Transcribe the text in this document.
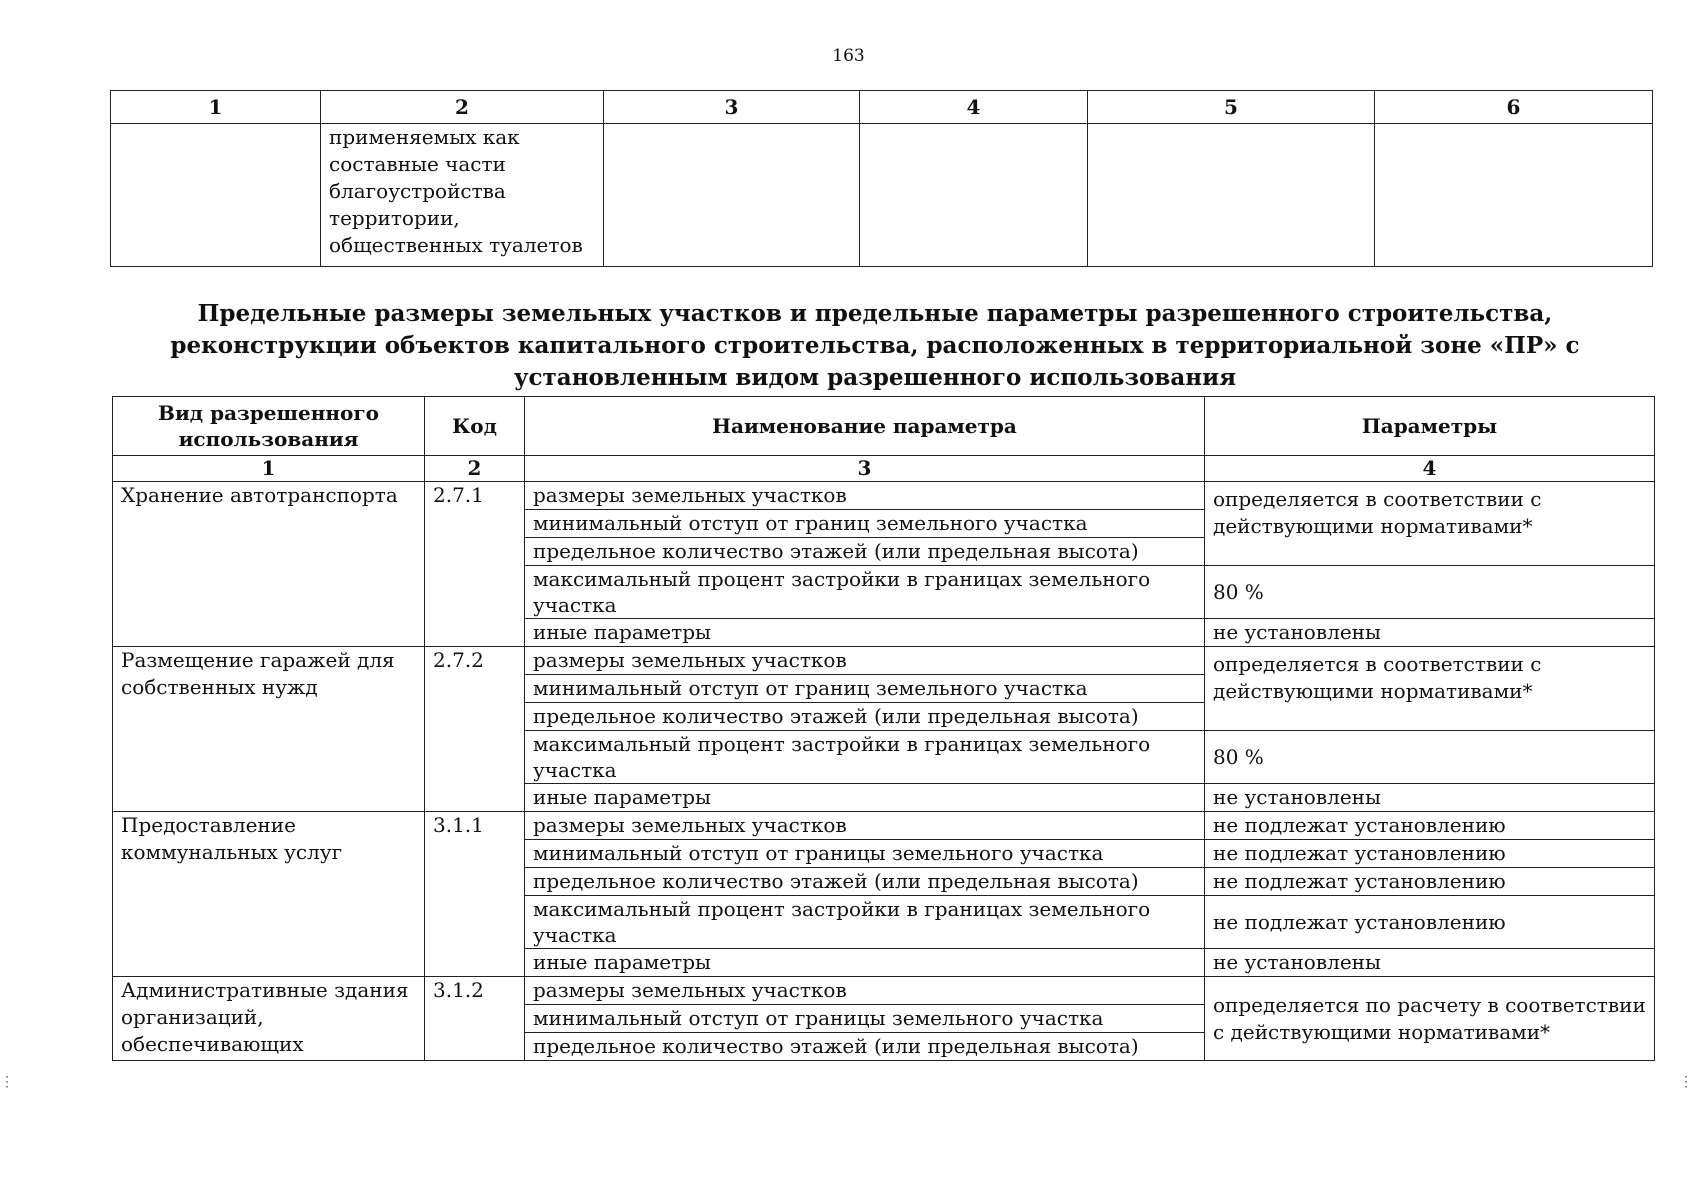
163
1	2	3	4	5	6
	применяемых как составные части благоустройства территории, общественных туалетов				
Предельные размеры земельных участков и предельные параметры разрешенного строительства, реконструкции объектов капитального строительства, расположенных в территориальной зоне «ПР» с установленным видом разрешенного использования
Вид разрешенного использования	Код	Наименование параметра	Параметры
1	2	3	4
Хранение автотранспорта	2.7.1	размеры земельных участков	определяется в соответствии с действующими нормативами*
		минимальный отступ от границ земельного участка	
		предельное количество этажей (или предельная высота)	
		максимальный процент застройки в границах земельного участка	80 %
		иные параметры	не установлены
Размещение гаражей для собственных нужд	2.7.2	размеры земельных участков	определяется в соответствии с действующими нормативами*
		минимальный отступ от границ земельного участка	
		предельное количество этажей (или предельная высота)	
		максимальный процент застройки в границах земельного участка	80 %
		иные параметры	не установлены
Предоставление коммунальных услуг	3.1.1	размеры земельных участков	не подлежат установлению
		минимальный отступ от границы земельного участка	не подлежат установлению
		предельное количество этажей (или предельная высота)	не подлежат установлению
		максимальный процент застройки в границах земельного участка	не подлежат установлению
		иные параметры	не установлены
Административные здания организаций, обеспечивающих	3.1.2	размеры земельных участков	определяется по расчету в соответствии с действующими нормативами*
		минимальный отступ от границы земельного участка	
		предельное количество этажей (или предельная высота)	
⋮	⋮
